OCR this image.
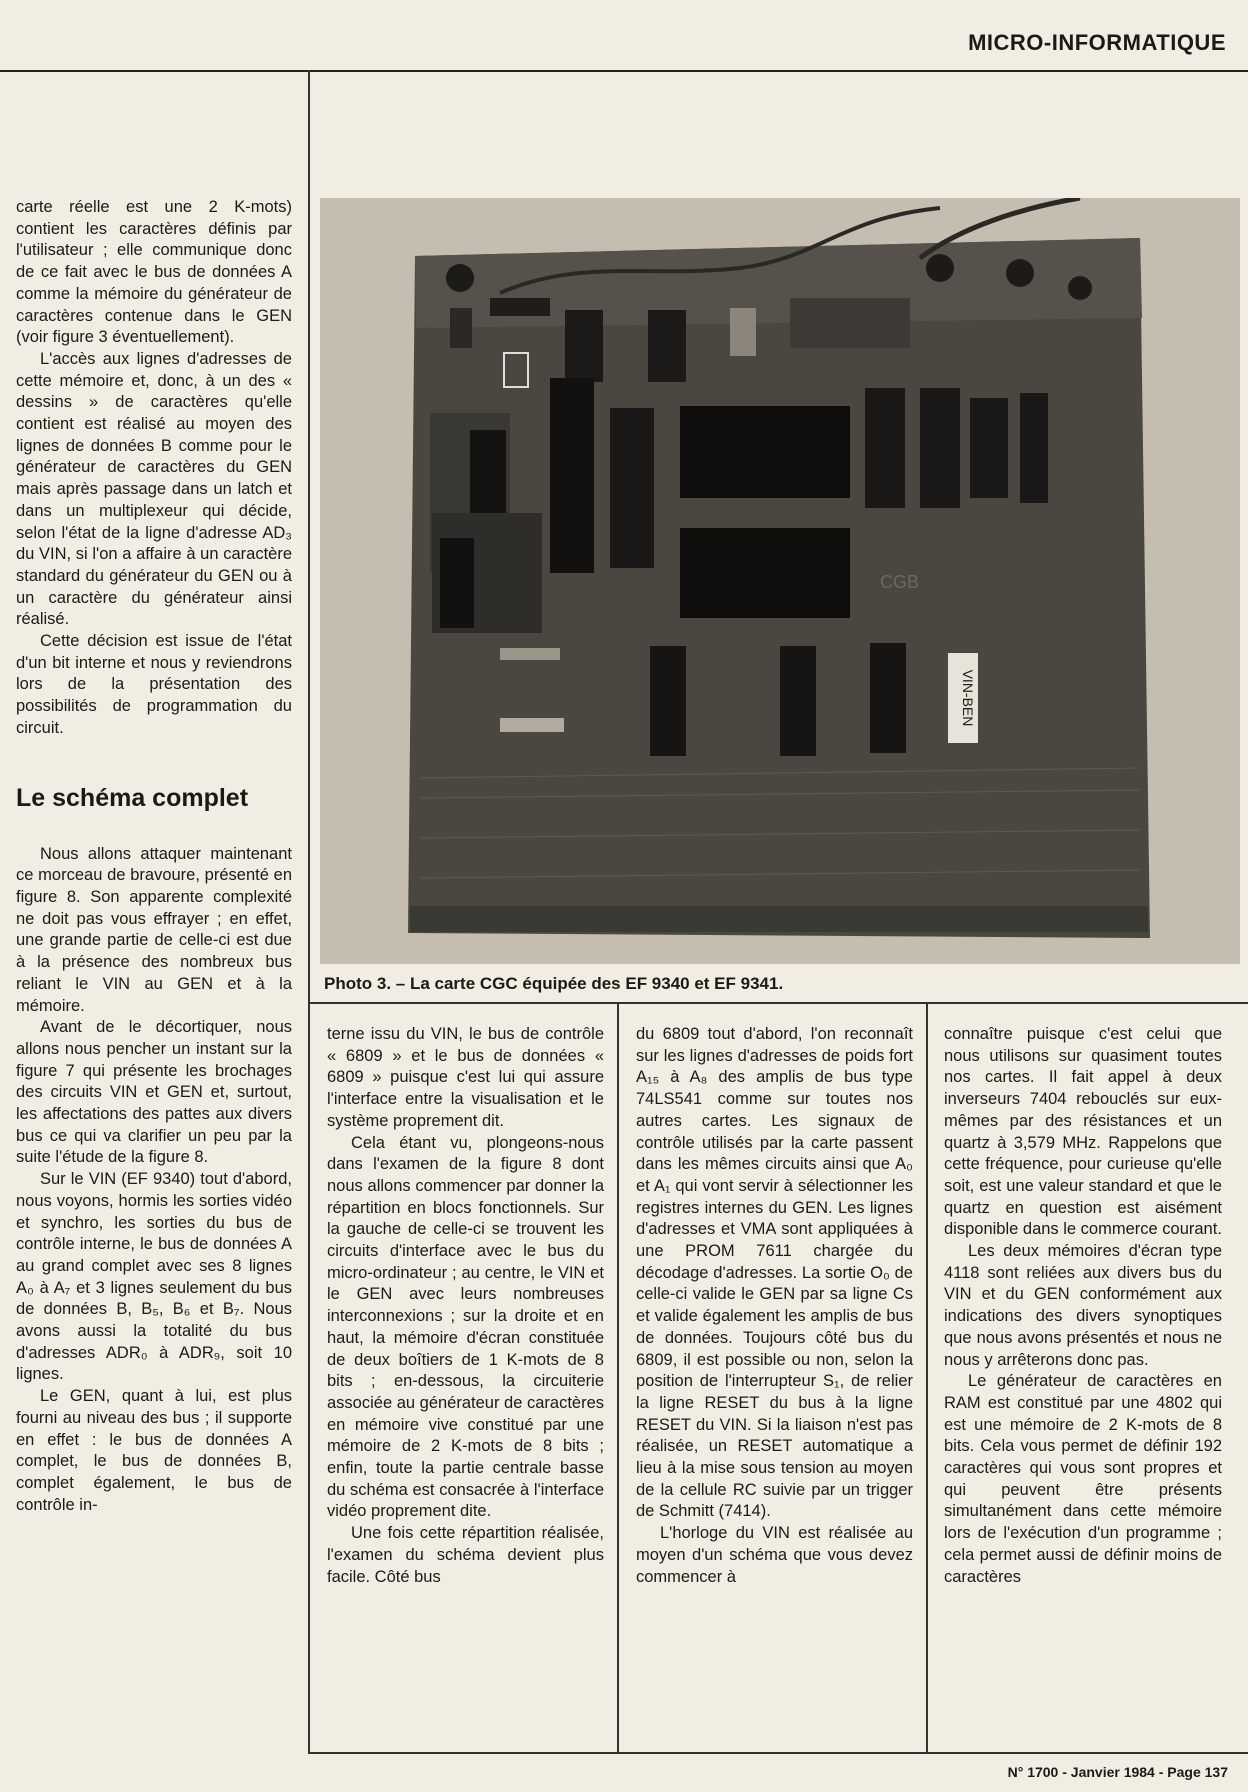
MICRO-INFORMATIQUE

carte réelle est une 2 K-mots) contient les caractères définis par l'utilisateur ; elle communique donc de ce fait avec le bus de données A comme la mémoire du générateur de caractères contenue dans le GEN (voir figure 3 éventuellement).

L'accès aux lignes d'adresses de cette mémoire et, donc, à un des « dessins » de caractères qu'elle contient est réalisé au moyen des lignes de données B comme pour le générateur de caractères du GEN mais après passage dans un latch et dans un multiplexeur qui décide, selon l'état de la ligne d'adresse AD₃ du VIN, si l'on a affaire à un caractère standard du générateur du GEN ou à un caractère du générateur ainsi réalisé.

Cette décision est issue de l'état d'un bit interne et nous y reviendrons lors de la présentation des possibilités de programmation du circuit.

Le schéma complet

Nous allons attaquer maintenant ce morceau de bravoure, présenté en figure 8. Son apparente complexité ne doit pas vous effrayer ; en effet, une grande partie de celle-ci est due à la présence des nombreux bus reliant le VIN au GEN et à la mémoire.

Avant de le décortiquer, nous allons nous pencher un instant sur la figure 7 qui présente les brochages des circuits VIN et GEN et, surtout, les affectations des pattes aux divers bus ce qui va clarifier un peu par la suite l'étude de la figure 8.

Sur le VIN (EF 9340) tout d'abord, nous voyons, hormis les sorties vidéo et synchro, les sorties du bus de contrôle interne, le bus de données A au grand complet avec ses 8 lignes A₀ à A₇ et 3 lignes seulement du bus de données B, B₅, B₆ et B₇. Nous avons aussi la totalité du bus d'adresses ADR₀ à ADR₉, soit 10 lignes.

Le GEN, quant à lui, est plus fourni au niveau des bus ; il supporte en effet : le bus de données A complet, le bus de données B, complet également, le bus de contrôle in-

VIN-BEN
CGB
Photo 3. – La carte CGC équipée des EF 9340 et EF 9341.

terne issu du VIN, le bus de contrôle « 6809 » et le bus de données « 6809 » puisque c'est lui qui assure l'interface entre la visualisation et le système proprement dit.

Cela étant vu, plongeons-nous dans l'examen de la figure 8 dont nous allons commencer par donner la répartition en blocs fonctionnels. Sur la gauche de celle-ci se trouvent les circuits d'interface avec le bus du micro-ordinateur ; au centre, le VIN et le GEN avec leurs nombreuses interconnexions ; sur la droite et en haut, la mémoire d'écran constituée de deux boîtiers de 1 K-mots de 8 bits ; en-dessous, la circuiterie associée au générateur de caractères en mémoire vive constitué par une mémoire de 2 K-mots de 8 bits ; enfin, toute la partie centrale basse du schéma est consacrée à l'interface vidéo proprement dite.

Une fois cette répartition réalisée, l'examen du schéma devient plus facile. Côté bus

du 6809 tout d'abord, l'on reconnaît sur les lignes d'adresses de poids fort A₁₅ à A₈ des amplis de bus type 74LS541 comme sur toutes nos autres cartes. Les signaux de contrôle utilisés par la carte passent dans les mêmes circuits ainsi que A₀ et A₁ qui vont servir à sélectionner les registres internes du GEN. Les lignes d'adresses et VMA sont appliquées à une PROM 7611 chargée du décodage d'adresses. La sortie O₀ de celle-ci valide le GEN par sa ligne Cs et valide également les amplis de bus de données. Toujours côté bus du 6809, il est possible ou non, selon la position de l'interrupteur S₁, de relier la ligne RESET du bus à la ligne RESET du VIN. Si la liaison n'est pas réalisée, un RESET automatique a lieu à la mise sous tension au moyen de la cellule RC suivie par un trigger de Schmitt (7414).

L'horloge du VIN est réalisée au moyen d'un schéma que vous devez commencer à

connaître puisque c'est celui que nous utilisons sur quasiment toutes nos cartes. Il fait appel à deux inverseurs 7404 rebouclés sur eux-mêmes par des résistances et un quartz à 3,579 MHz. Rappelons que cette fréquence, pour curieuse qu'elle soit, est une valeur standard et que le quartz en question est aisément disponible dans le commerce courant.

Les deux mémoires d'écran type 4118 sont reliées aux divers bus du VIN et du GEN conformément aux indications des divers synoptiques que nous avons présentés et nous ne nous y arrêterons donc pas.

Le générateur de caractères en RAM est constitué par une 4802 qui est une mémoire de 2 K-mots de 8 bits. Cela vous permet de définir 192 caractères qui vous sont propres et qui peuvent être présents simultanément dans cette mémoire lors de l'exécution d'un programme ; cela permet aussi de définir moins de caractères

N° 1700 - Janvier 1984 - Page 137
